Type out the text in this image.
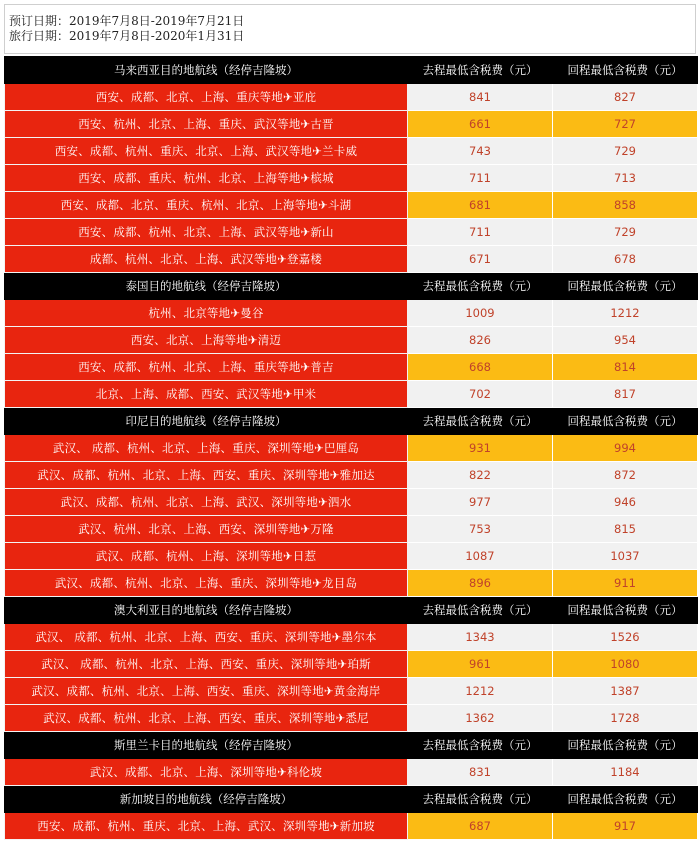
预订日期：2019年7月8日-2019年7月21日
旅行日期：2019年7月8日-2020年1月31日
马来西亚目的地航线（经停吉隆坡）	去程最低含税费（元）	回程最低含税费（元）
西安、成都、北京、上海、重庆等地✈亚庇	841	827
西安、杭州、北京、上海、重庆、武汉等地✈古晋	661	727
西安、成都、杭州、重庆、北京、上海、武汉等地✈兰卡威	743	729
西安、成都、重庆、杭州、北京、上海等地✈槟城	711	713
西安、成都、北京、重庆、杭州、北京、上海等地✈斗湖	681	858
西安、成都、杭州、北京、上海、武汉等地✈新山	711	729
成都、杭州、北京、上海、武汉等地✈登嘉楼	671	678
泰国目的地航线（经停吉隆坡）	去程最低含税费（元）	回程最低含税费（元）
杭州、北京等地✈曼谷	1009	1212
西安、北京、上海等地✈清迈	826	954
西安、成都、杭州、北京、上海、重庆等地✈普吉	668	814
北京、上海、成都、西安、武汉等地✈甲米	702	817
印尼目的地航线（经停吉隆坡）	去程最低含税费（元）	回程最低含税费（元）
武汉、 成都、杭州、北京、上海、重庆、深圳等地✈巴厘岛	931	994
武汉、成都、杭州、北京、上海、西安、重庆、深圳等地✈雅加达	822	872
武汉、成都、杭州、北京、上海、武汉、深圳等地✈泗水	977	946
武汉、杭州、北京、上海、西安、深圳等地✈万隆	753	815
武汉、成都、杭州、上海、深圳等地✈日惹	1087	1037
武汉、成都、杭州、北京、上海、重庆、深圳等地✈龙目岛	896	911
澳大利亚目的地航线（经停吉隆坡）	去程最低含税费（元）	回程最低含税费（元）
武汉、 成都、杭州、北京、上海、西安、重庆、深圳等地✈墨尔本	1343	1526
武汉、 成都、杭州、北京、上海、西安、重庆、深圳等地✈珀斯	961	1080
武汉、成都、杭州、北京、上海、西安、重庆、深圳等地✈黄金海岸	1212	1387
武汉、成都、杭州、北京、上海、西安、重庆、深圳等地✈悉尼	1362	1728
斯里兰卡目的地航线（经停吉隆坡）	去程最低含税费（元）	回程最低含税费（元）
武汉、成都、北京、上海、深圳等地✈科伦坡	831	1184
新加坡目的地航线（经停吉隆坡）	去程最低含税费（元）	回程最低含税费（元）
西安、成都、杭州、重庆、北京、上海、武汉、深圳等地✈新加坡	687	917
